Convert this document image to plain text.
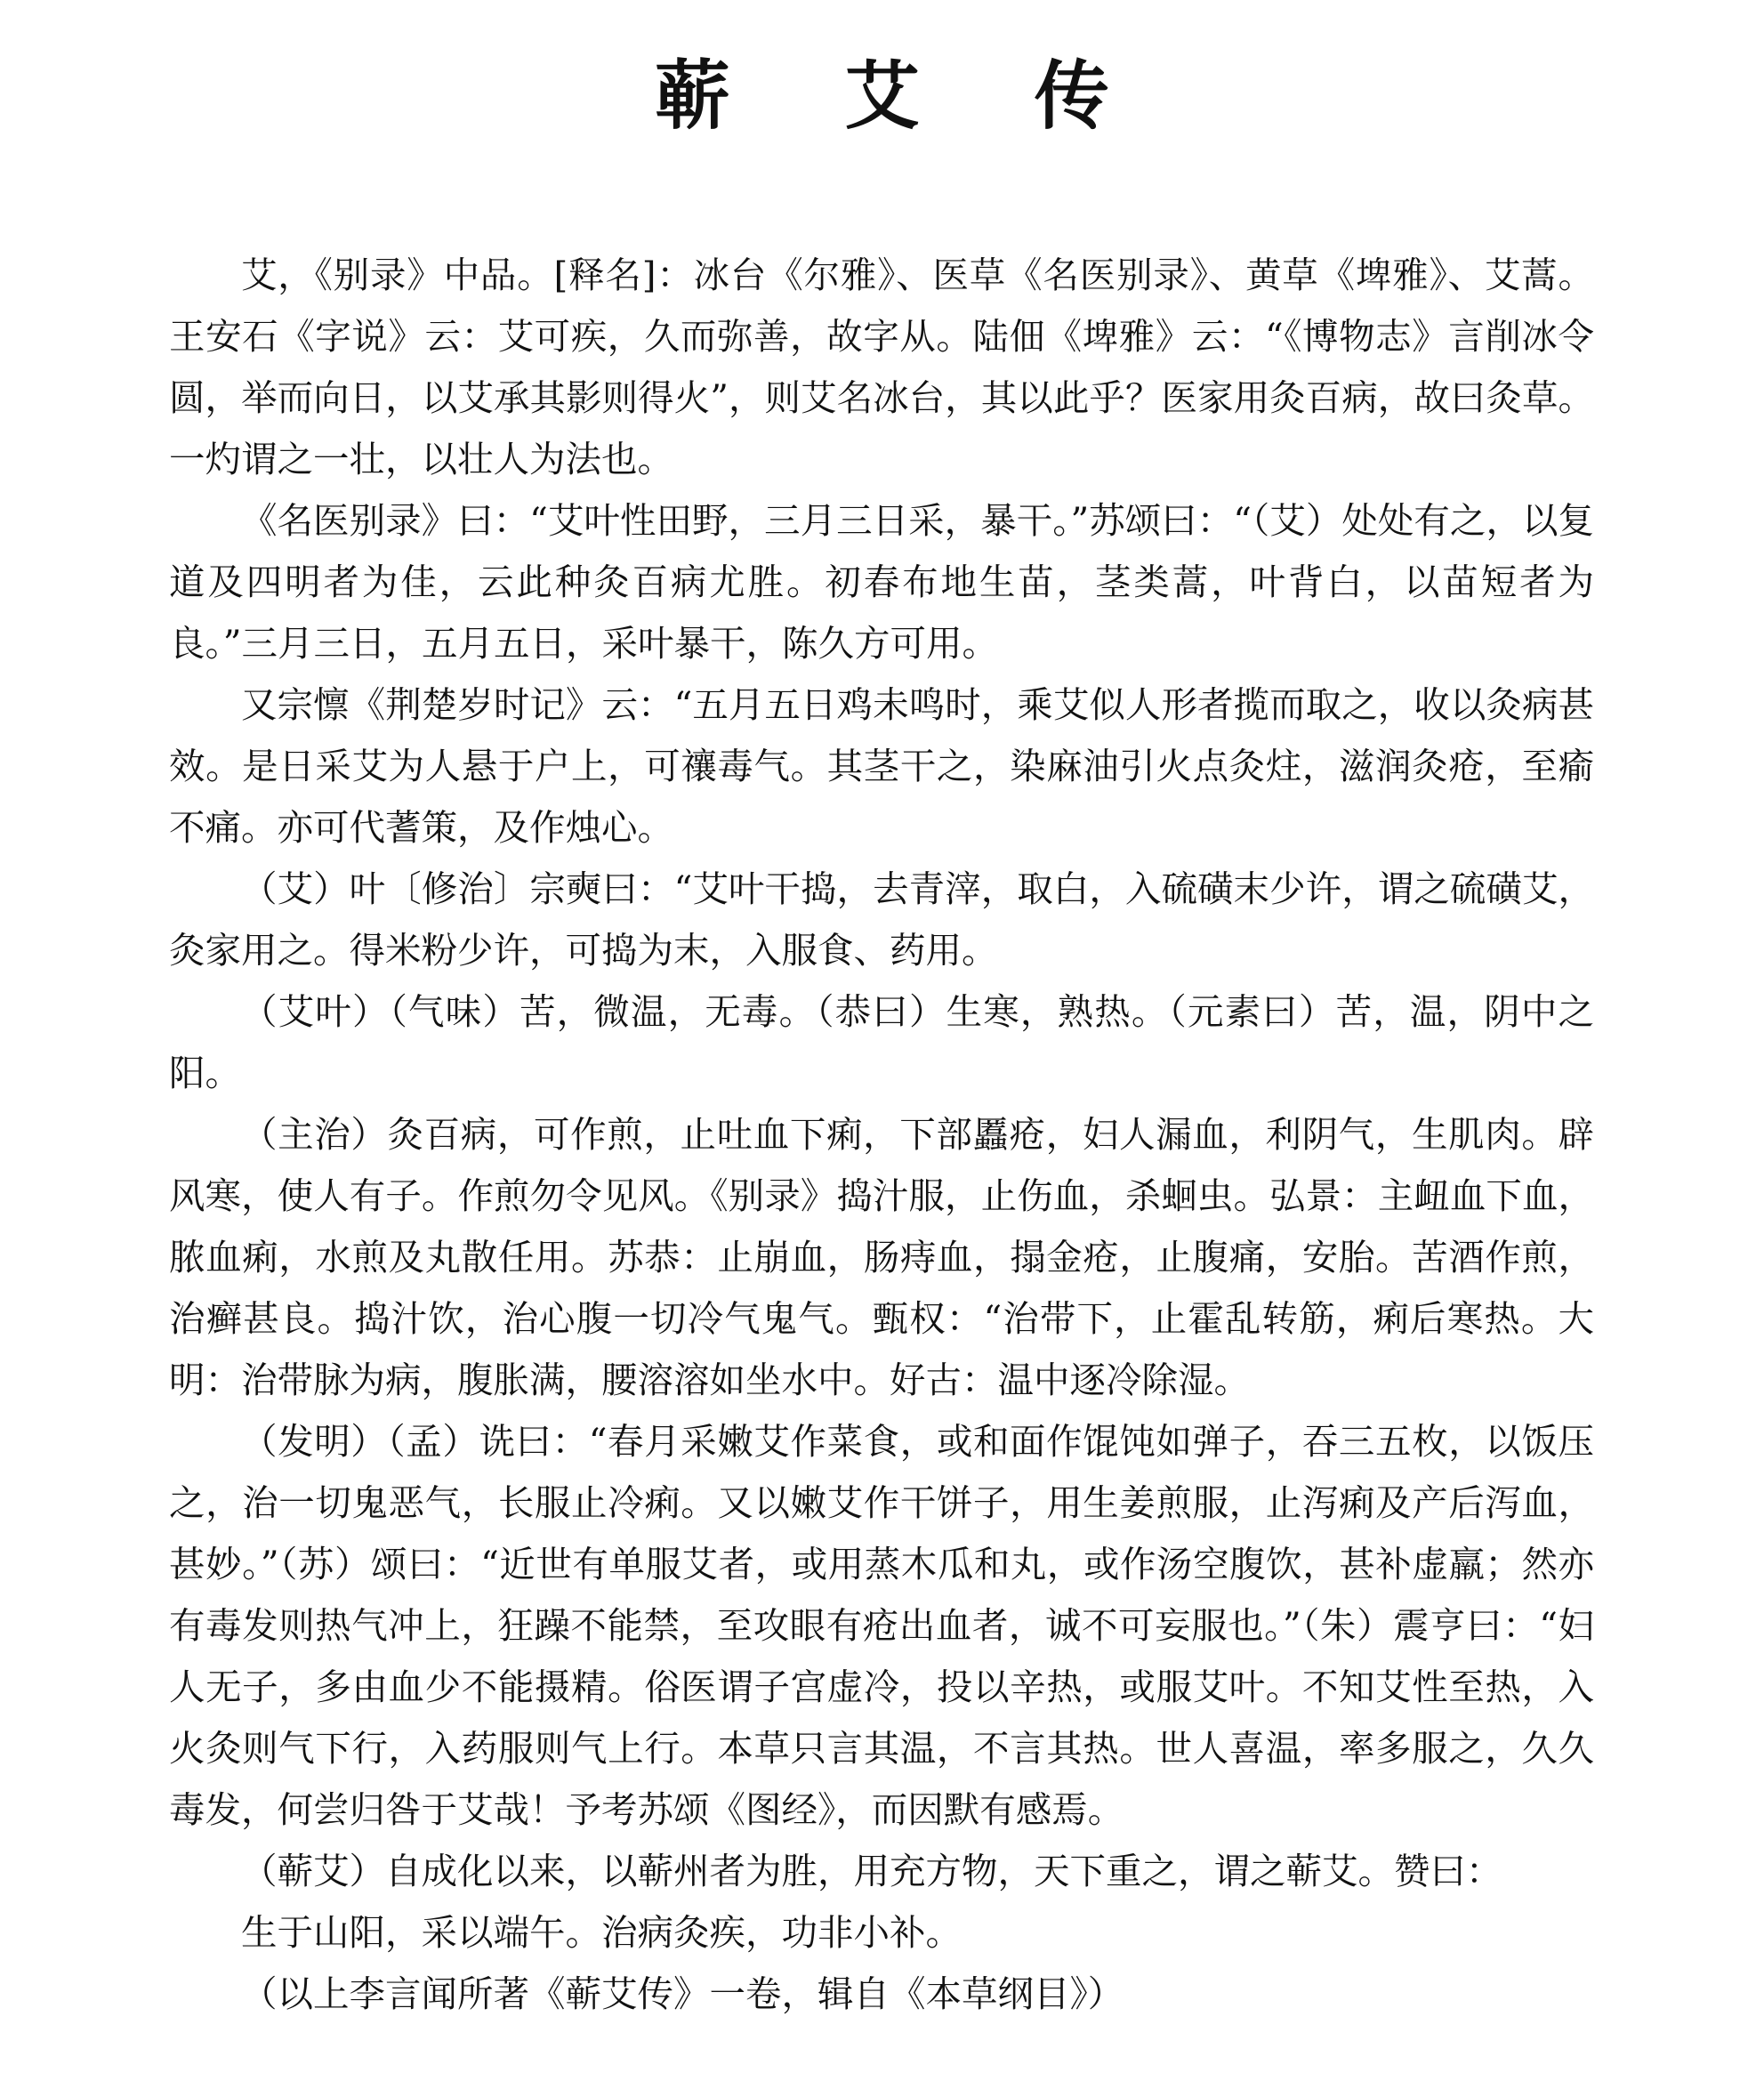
蕲 艾 传

艾，《别录》中品。[释名]：冰台《尔雅》、医草《名医别录》、黄草《埤雅》、艾蒿。王安石《字说》云：艾可疾，久而弥善，故字从。陆佃《埤雅》云：“《博物志》言削冰令圆，举而向日，以艾承其影则得火”，则艾名冰台，其以此乎？医家用灸百病，故曰灸草。一灼谓之一壮，以壮人为法也。

《名医别录》曰：“艾叶性田野，三月三日采，暴干。”苏颂曰：“（艾）处处有之，以复道及四明者为佳，云此种灸百病尤胜。初春布地生苗，茎类蒿，叶背白，以苗短者为良。”三月三日，五月五日，采叶暴干，陈久方可用。

又宗懔《荆楚岁时记》云：“五月五日鸡未鸣时，乘艾似人形者揽而取之，收以灸病甚效。是日采艾为人悬于户上，可禳毒气。其茎干之，染麻油引火点灸炷，滋润灸疮，至瘉不痛。亦可代蓍策，及作烛心。

（艾）叶〔修治〕宗奭曰：“艾叶干捣，去青滓，取白，入硫磺末少许，谓之硫磺艾，灸家用之。得米粉少许，可捣为末，入服食、药用。

（艾叶）（气味）苦，微温，无毒。（恭曰）生寒，熟热。（元素曰）苦，温，阴中之阳。

（主治）灸百病，可作煎，止吐血下痢，下部䘌疮，妇人漏血，利阴气，生肌肉。辟风寒，使人有子。作煎勿令见风。《别录》捣汁服，止伤血，杀蛔虫。弘景：主衄血下血，脓血痢，水煎及丸散任用。苏恭：止崩血，肠痔血，搨金疮，止腹痛，安胎。苦酒作煎，治癣甚良。捣汁饮，治心腹一切冷气鬼气。甄权：“治带下，止霍乱转筋，痢后寒热。大明：治带脉为病，腹胀满，腰溶溶如坐水中。好古：温中逐冷除湿。

（发明）（孟）诜曰：“春月采嫩艾作菜食，或和面作馄饨如弹子，吞三五枚，以饭压之，治一切鬼恶气，长服止冷痢。又以嫩艾作干饼子，用生姜煎服，止泻痢及产后泻血，甚妙。”（苏）颂曰：“近世有单服艾者，或用蒸木瓜和丸，或作汤空腹饮，甚补虚羸；然亦有毒发则热气冲上，狂躁不能禁，至攻眼有疮出血者，诚不可妄服也。”（朱）震亨曰：“妇人无子，多由血少不能摄精。俗医谓子宫虚冷，投以辛热，或服艾叶。不知艾性至热，入火灸则气下行，入药服则气上行。本草只言其温，不言其热。世人喜温，率多服之，久久毒发，何尝归咎于艾哉！予考苏颂《图经》，而因默有感焉。

（蕲艾）自成化以来，以蕲州者为胜，用充方物，天下重之，谓之蕲艾。赞曰：

生于山阳，采以端午。治病灸疾，功非小补。

（以上李言闻所著《蕲艾传》一卷，辑自《本草纲目》）
